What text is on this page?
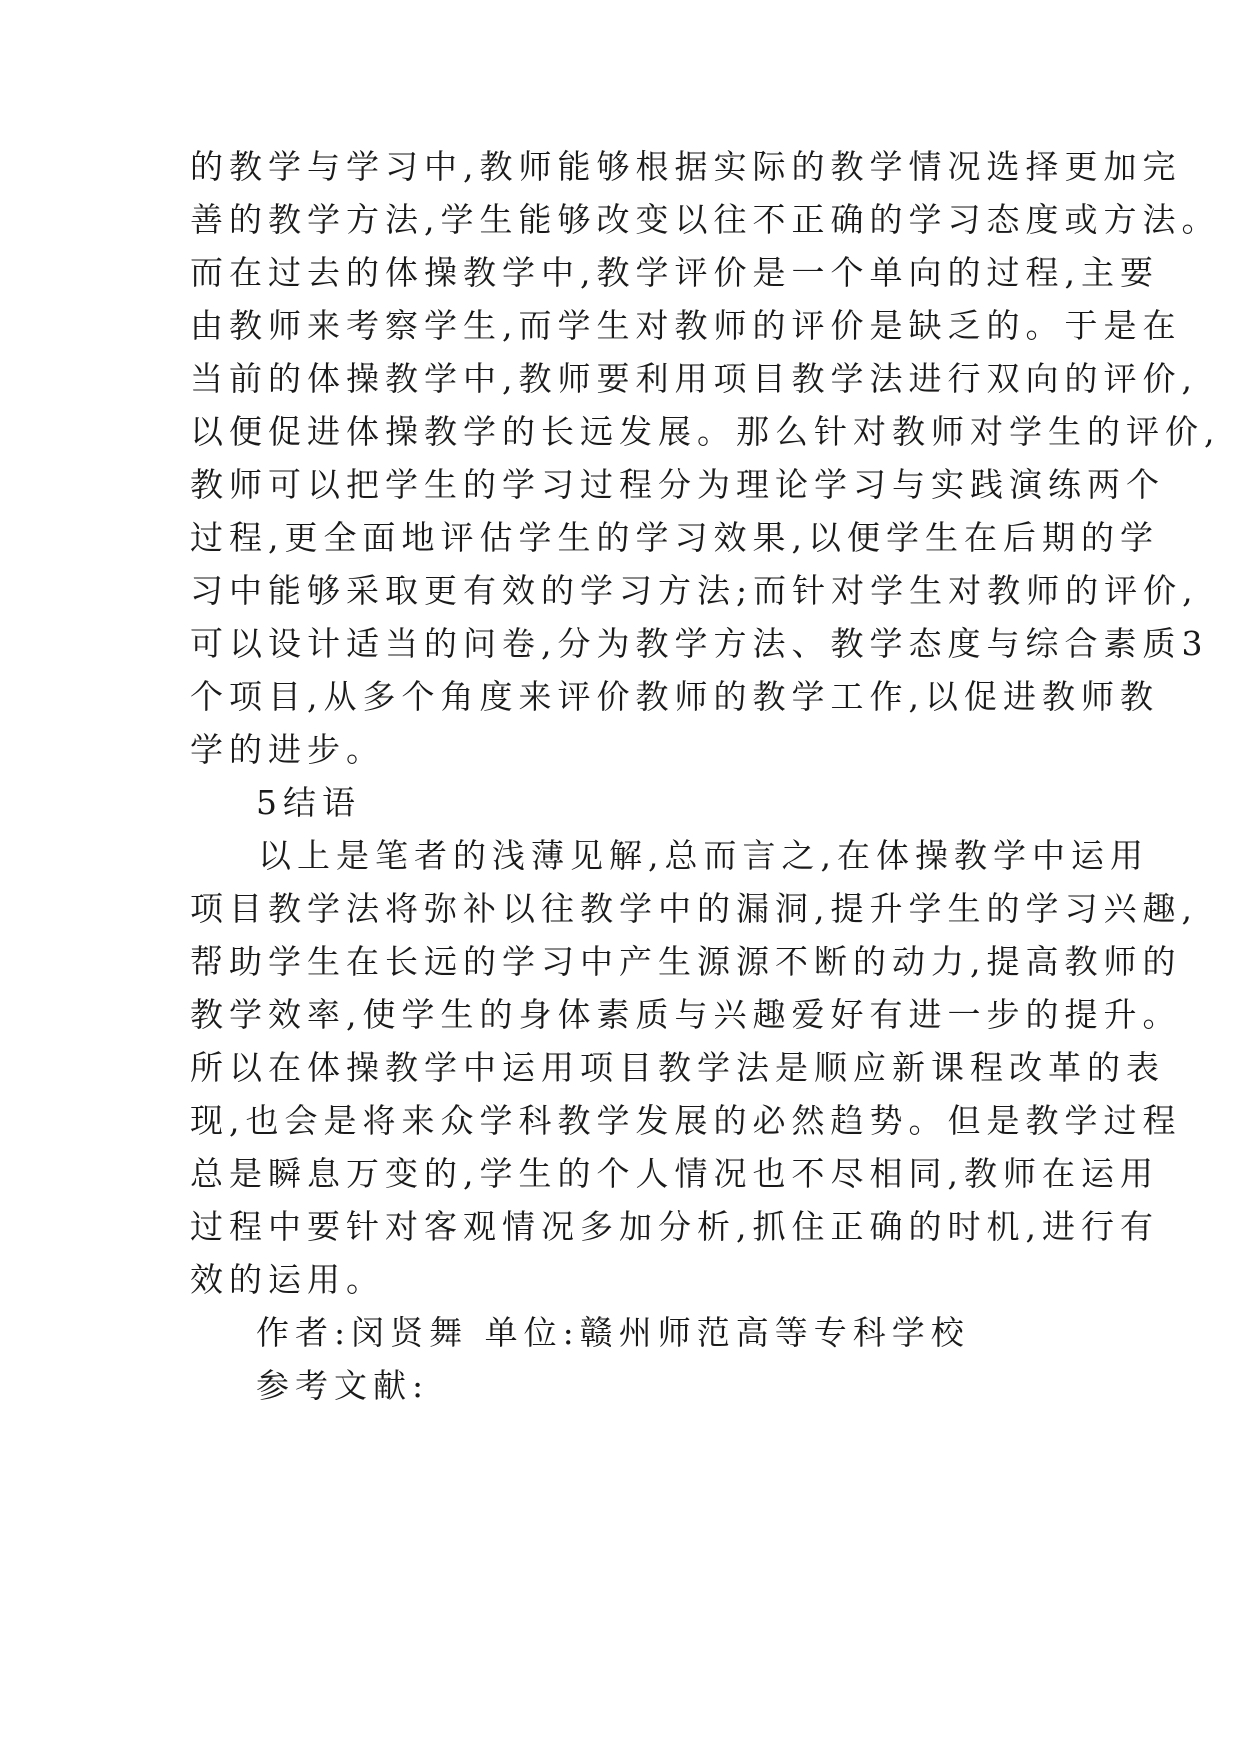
的教学与学习中,教师能够根据实际的教学情况选择更加完
善的教学方法,学生能够改变以往不正确的学习态度或方法。
而在过去的体操教学中,教学评价是一个单向的过程,主要
由教师来考察学生,而学生对教师的评价是缺乏的。于是在
当前的体操教学中,教师要利用项目教学法进行双向的评价,
以便促进体操教学的长远发展。那么针对教师对学生的评价,
教师可以把学生的学习过程分为理论学习与实践演练两个
过程,更全面地评估学生的学习效果,以便学生在后期的学
习中能够采取更有效的学习方法;而针对学生对教师的评价,
可以设计适当的问卷,分为教学方法、教学态度与综合素质3
个项目,从多个角度来评价教师的教学工作,以促进教师教
学的进步。
5结语
以上是笔者的浅薄见解,总而言之,在体操教学中运用
项目教学法将弥补以往教学中的漏洞,提升学生的学习兴趣,
帮助学生在长远的学习中产生源源不断的动力,提高教师的
教学效率,使学生的身体素质与兴趣爱好有进一步的提升。
所以在体操教学中运用项目教学法是顺应新课程改革的表
现,也会是将来众学科教学发展的必然趋势。但是教学过程
总是瞬息万变的,学生的个人情况也不尽相同,教师在运用
过程中要针对客观情况多加分析,抓住正确的时机,进行有
效的运用。
作者:闵贤舞 单位:赣州师范高等专科学校
参考文献:
